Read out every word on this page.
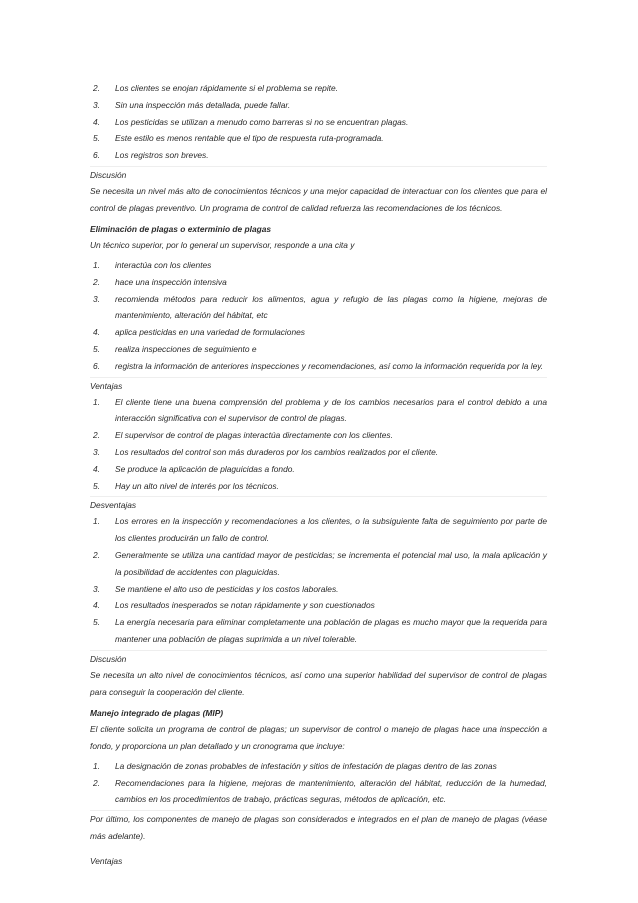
2. Los clientes se enojan rápidamente si el problema se repite.
3. Sin una inspección más detallada, puede fallar.
4. Los pesticidas se utilizan a menudo como barreras si no se encuentran plagas.
5. Este estilo es menos rentable que el tipo de respuesta ruta-programada.
6. Los registros son breves.
Discusión
Se necesita un nivel más alto de conocimientos técnicos y una mejor capacidad de interactuar con los clientes que para el control de plagas preventivo. Un programa de control de calidad refuerza las recomendaciones de los técnicos.
Eliminación de plagas o exterminio de plagas
Un técnico superior, por lo general un supervisor, responde a una cita y
1. interactúa con los clientes
2. hace una inspección intensiva
3. recomienda métodos para reducir los alimentos, agua y refugio de las plagas como la higiene, mejoras de mantenimiento, alteración del hábitat, etc
4. aplica pesticidas en una variedad de formulaciones
5. realiza inspecciones de seguimiento e
6. registra la información de anteriores inspecciones y recomendaciones, así como la información requerida por la ley.
Ventajas
1. El cliente tiene una buena comprensión del problema y de los cambios necesarios para el control debido a una interacción significativa con el supervisor de control de plagas.
2. El supervisor de control de plagas interactúa directamente con los clientes.
3. Los resultados del control son más duraderos por los cambios realizados por el cliente.
4. Se produce la aplicación de plaguicidas a fondo.
5. Hay un alto nivel de interés por los técnicos.
Desventajas
1. Los errores en la inspección y recomendaciones a los clientes, o la subsiguiente falta de seguimiento por parte de los clientes producirán un fallo de control.
2. Generalmente se utiliza una cantidad mayor de pesticidas; se incrementa el potencial mal uso, la mala aplicación y la posibilidad de accidentes con plaguicidas.
3. Se mantiene el alto uso de pesticidas y los costos laborales.
4. Los resultados inesperados se notan rápidamente y son cuestionados
5. La energía necesaria para eliminar completamente una población de plagas es mucho mayor que la requerida para mantener una población de plagas suprimida a un nivel tolerable.
Discusión
Se necesita un alto nivel de conocimientos técnicos, así como una superior habilidad del supervisor de control de plagas para conseguir la cooperación del cliente.
Manejo integrado de plagas (MIP)
El cliente solicita un programa de control de plagas; un supervisor de control o manejo de plagas hace una inspección a fondo, y proporciona un plan detallado y un cronograma que incluye:
1. La designación de zonas probables de infestación y sitios de infestación de plagas dentro de las zonas
2. Recomendaciones para la higiene, mejoras de mantenimiento, alteración del hábitat, reducción de la humedad, cambios en los procedimientos de trabajo, prácticas seguras, métodos de aplicación, etc.
Por último, los componentes de manejo de plagas son considerados e integrados en el plan de manejo de plagas (véase más adelante).
Ventajas
